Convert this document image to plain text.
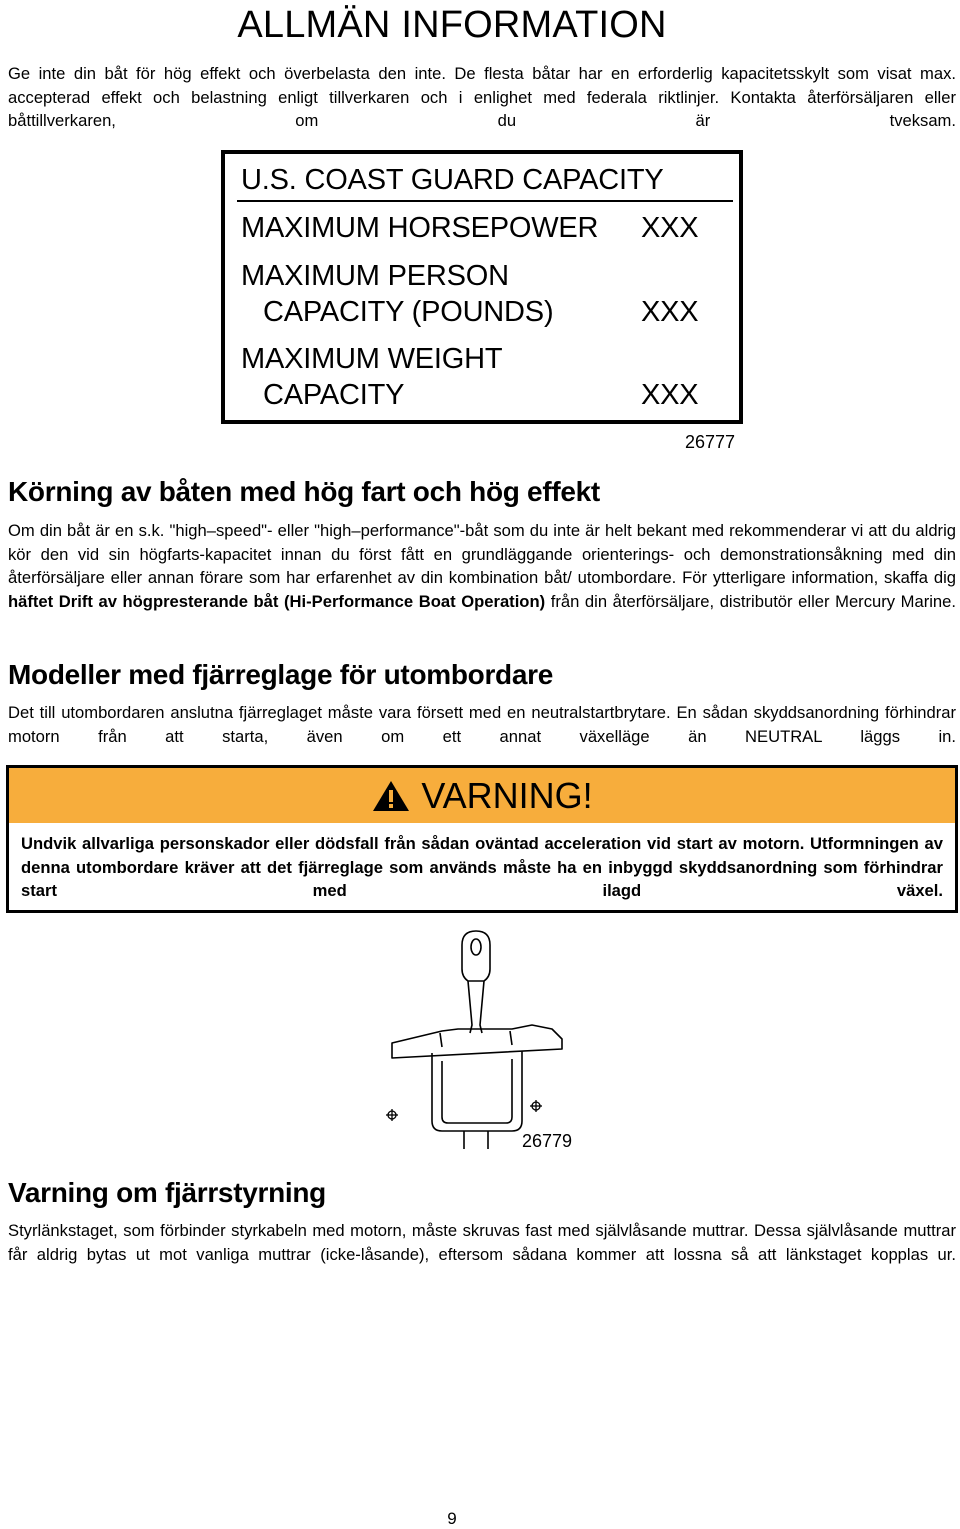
ALLMÄN INFORMATION

Ge inte din båt för hög effekt och överbelasta den inte. De flesta båtar har en erforderlig kapacitetsskylt som visat max. accepterad effekt och belastning enligt tillverkaren och i enlighet med federala riktlinjer. Kontakta återförsäljaren eller båttillverkaren, om du är tveksam.

U.S. COAST GUARD CAPACITY
MAXIMUM HORSEPOWER XXX
MAXIMUM PERSON
CAPACITY (POUNDS)	XXX
MAXIMUM WEIGHT
CAPACITY	XXX
26777
Körning av båten med hög fart och hög effekt

Om din båt är en s.k. "high–speed"- eller "high–performance"-båt som du inte är helt bekant med rekommenderar vi att du aldrig kör den vid sin högfarts-kapacitet innan du först fått en grundläggande orienterings- och demonstrationsåkning med din återförsäljare eller annan förare som har erfarenhet av din kombination båt/ utombordare. För ytterligare information, skaffa dig häftet Drift av högpresterande båt (Hi-Performance Boat Operation) från din återförsäljare, distributör eller Mercury Marine.

Modeller med fjärreglage för utombordare

Det till utombordaren anslutna fjärreglaget måste vara försett med en neutralstartbrytare. En sådan skyddsanordning förhindrar motorn från att starta, även om ett annat växelläge än NEUTRAL läggs in.

VARNING!
Undvik allvarliga personskador eller dödsfall från sådan oväntad acceleration vid start av motorn. Utformningen av denna utombordare kräver att det fjärreglage som används måste ha en inbyggd skyddsanordning som förhindrar start med ilagd växel.
26779
Varning om fjärrstyrning

Styrlänkstaget, som förbinder styrkabeln med motorn, måste skruvas fast med självlåsande muttrar. Dessa självlåsande muttrar får aldrig bytas ut mot vanliga muttrar (icke-låsande), eftersom sådana kommer att lossna så att länkstaget kopplas ur.

9
